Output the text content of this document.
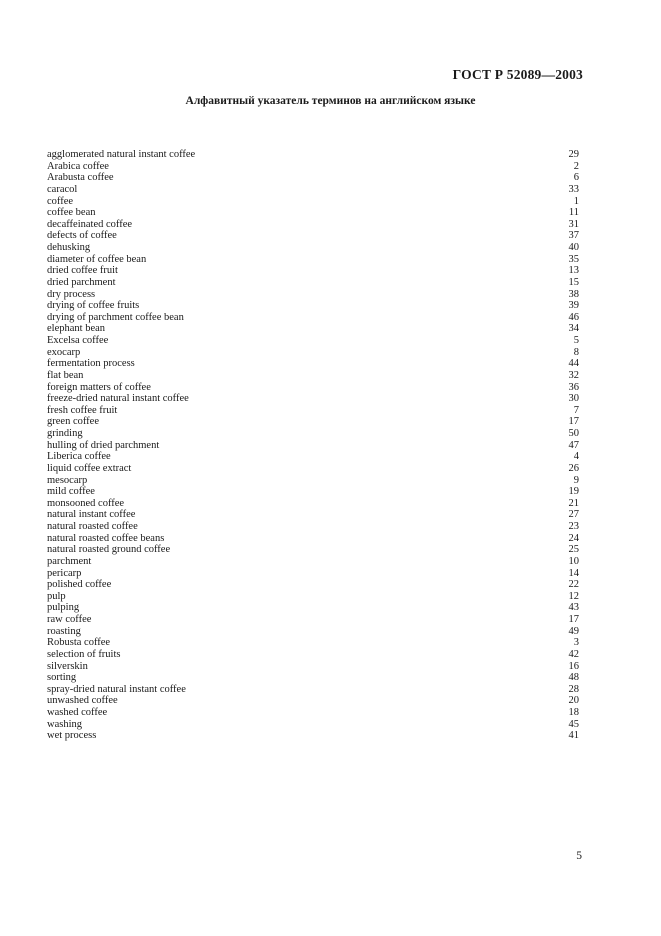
ГОСТ Р 52089—2003
Алфавитный указатель терминов на английском языке
agglomerated natural instant coffee	29
Arabica coffee	2
Arabusta coffee	6
caracol	33
coffee	1
coffee bean	11
decaffeinated coffee	31
defects of coffee	37
dehusking	40
diameter of coffee bean	35
dried coffee fruit	13
dried parchment	15
dry process	38
drying of coffee fruits	39
drying of parchment coffee bean	46
elephant bean	34
Excelsa coffee	5
exocarp	8
fermentation process	44
flat bean	32
foreign matters of coffee	36
freeze-dried natural instant coffee	30
fresh coffee fruit	7
green coffee	17
grinding	50
hulling of dried parchment	47
Liberica coffee	4
liquid coffee extract	26
mesocarp	9
mild coffee	19
monsooned coffee	21
natural instant coffee	27
natural roasted coffee	23
natural roasted coffee beans	24
natural roasted ground coffee	25
parchment	10
pericarp	14
polished coffee	22
pulp	12
pulping	43
raw coffee	17
roasting	49
Robusta coffee	3
selection of fruits	42
silverskin	16
sorting	48
spray-dried natural instant coffee	28
unwashed coffee	20
washed coffee	18
washing	45
wet process	41
5
